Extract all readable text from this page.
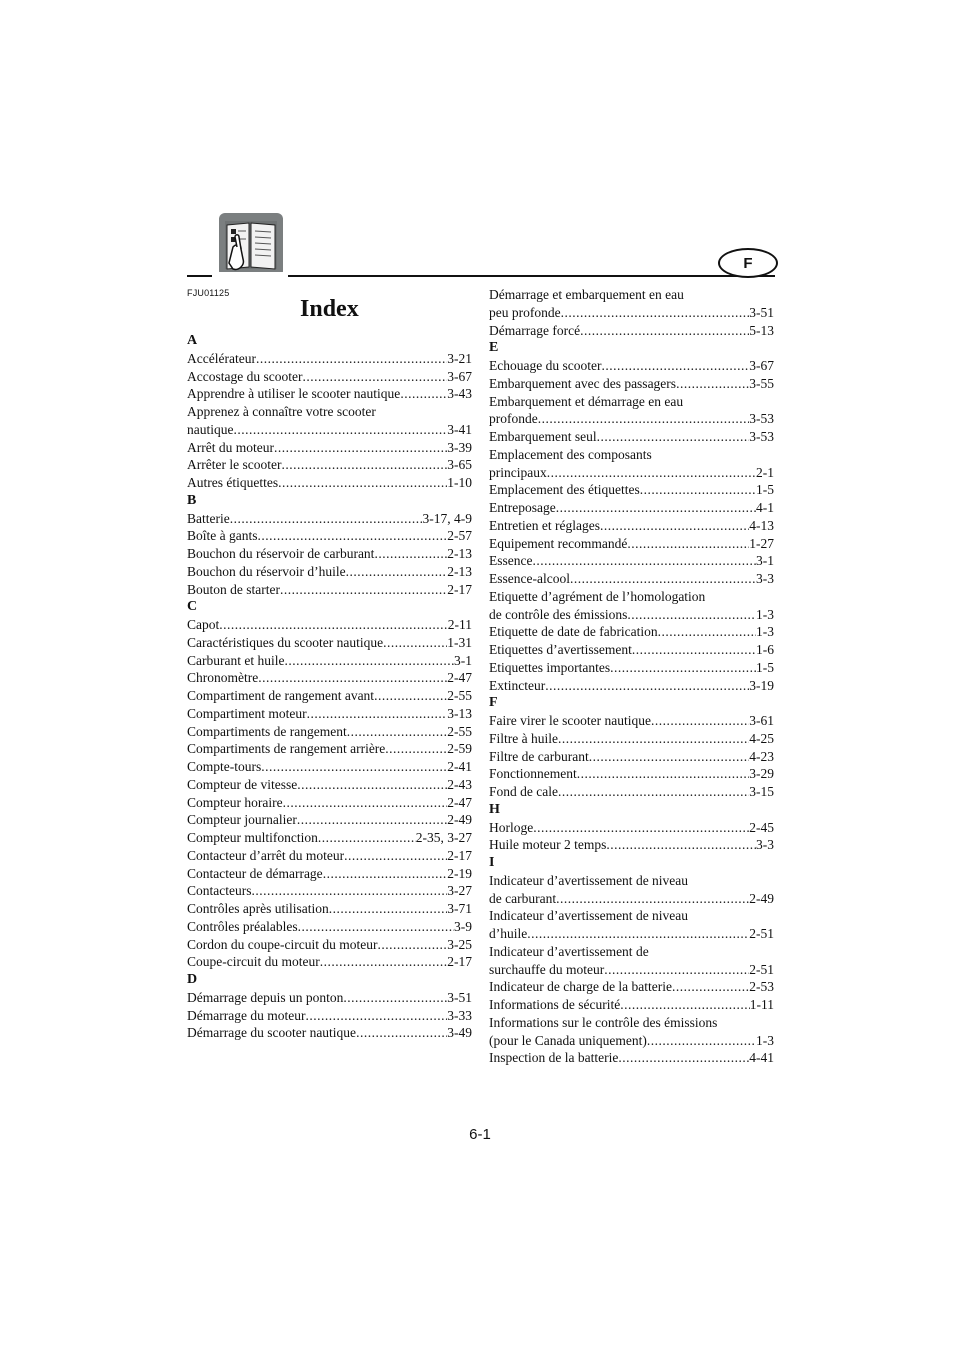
F
FJU01125
Index
A
Accélérateur .....	3-21
Accostage du scooter .....	3-67
Apprendre à utiliser le scooter nautique .....	3-43
Apprenez à connaître votre scooter
nautique .....	3-41
Arrêt du moteur .....	3-39
Arrêter le scooter .....	3-65
Autres étiquettes .....	1-10
B
Batterie .....	3-17, 4-9
Boîte à gants .....	2-57
Bouchon du réservoir de carburant .....	2-13
Bouchon du réservoir d’huile .....	2-13
Bouton de starter .....	2-17
C
Capot .....	2-11
Caractéristiques du scooter nautique .....	1-31
Carburant et huile .....	3-1
Chronomètre .....	2-47
Compartiment de rangement avant .....	2-55
Compartiment moteur .....	3-13
Compartiments de rangement .....	2-55
Compartiments de rangement arrière .....	2-59
Compte-tours .....	2-41
Compteur de vitesse .....	2-43
Compteur horaire .....	2-47
Compteur journalier .....	2-49
Compteur multifonction .....	2-35, 3-27
Contacteur d’arrêt du moteur .....	2-17
Contacteur de démarrage .....	2-19
Contacteurs .....	3-27
Contrôles après utilisation .....	3-71
Contrôles préalables .....	3-9
Cordon du coupe-circuit du moteur .....	3-25
Coupe-circuit du moteur .....	2-17
D
Démarrage depuis un ponton .....	3-51
Démarrage du moteur .....	3-33
Démarrage du scooter nautique .....	3-49
Démarrage et embarquement en eau
peu profonde .....	3-51
Démarrage forcé .....	5-13
E
Echouage du scooter .....	3-67
Embarquement avec des passagers .....	3-55
Embarquement et démarrage en eau
profonde .....	3-53
Embarquement seul .....	3-53
Emplacement des composants
principaux .....	2-1
Emplacement des étiquettes .....	1-5
Entreposage .....	4-1
Entretien et réglages .....	4-13
Equipement recommandé .....	1-27
Essence .....	3-1
Essence-alcool .....	3-3
Etiquette d’agrément de l’homologation
de contrôle des émissions .....	1-3
Etiquette de date de fabrication .....	1-3
Etiquettes d’avertissement .....	1-6
Etiquettes importantes .....	1-5
Extincteur .....	3-19
F
Faire virer le scooter nautique .....	3-61
Filtre à huile .....	4-25
Filtre de carburant .....	4-23
Fonctionnement .....	3-29
Fond de cale .....	3-15
H
Horloge .....	2-45
Huile moteur 2 temps .....	3-3
I
Indicateur d’avertissement de niveau
de carburant .....	2-49
Indicateur d’avertissement de niveau
d’huile .....	2-51
Indicateur d’avertissement de
surchauffe du moteur .....	2-51
Indicateur de charge de la batterie .....	2-53
Informations de sécurité .....	1-11
Informations sur le contrôle des émissions
(pour le Canada uniquement) .....	1-3
Inspection de la batterie .....	4-41
6-1
